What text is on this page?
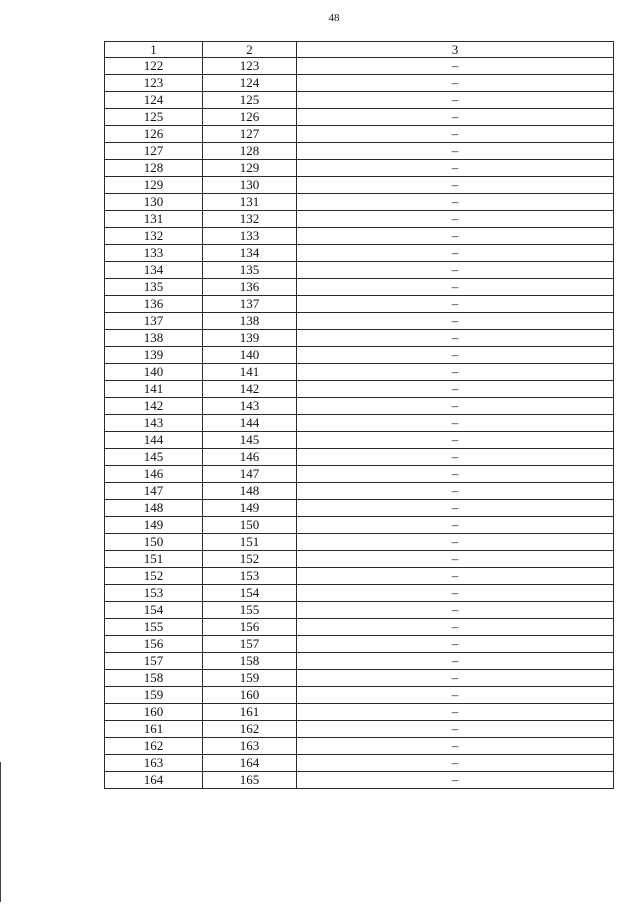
48
1	2	3
122	123	–
123	124	–
124	125	–
125	126	–
126	127	–
127	128	–
128	129	–
129	130	–
130	131	–
131	132	–
132	133	–
133	134	–
134	135	–
135	136	–
136	137	–
137	138	–
138	139	–
139	140	–
140	141	–
141	142	–
142	143	–
143	144	–
144	145	–
145	146	–
146	147	–
147	148	–
148	149	–
149	150	–
150	151	–
151	152	–
152	153	–
153	154	–
154	155	–
155	156	–
156	157	–
157	158	–
158	159	–
159	160	–
160	161	–
161	162	–
162	163	–
163	164	–
164	165	–
